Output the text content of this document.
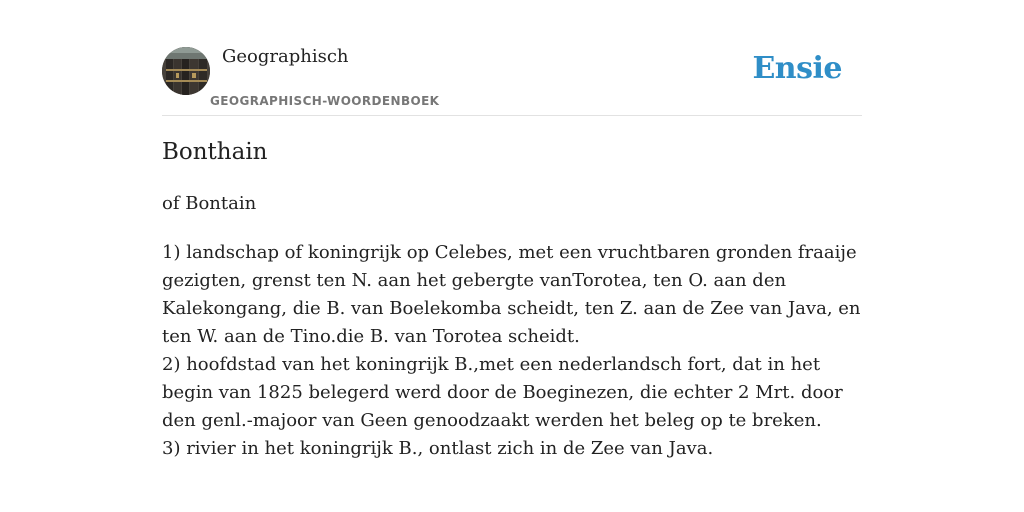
Geographisch
GEOGRAPHISCH-WOORDENBOEK
Ensie
Bonthain

of Bontain

1) landschap of koningrijk op Celebes, met een vruchtbaren gronden fraaije gezigten, grenst ten N. aan het gebergte vanTorotea, ten O. aan den Kalekongang, die B. van Boelekomba scheidt, ten Z. aan de Zee van Java, en ten W. aan de Tino.die B. van Torotea scheidt.

2) hoofdstad van het koningrijk B.,met een nederlandsch fort, dat in het begin van 1825 belegerd werd door de Boeginezen, die echter 2 Mrt. door den genl.-majoor van Geen genoodzaakt werden het beleg op te breken.

3) rivier in het koningrijk B., ontlast zich in de Zee van Java.
